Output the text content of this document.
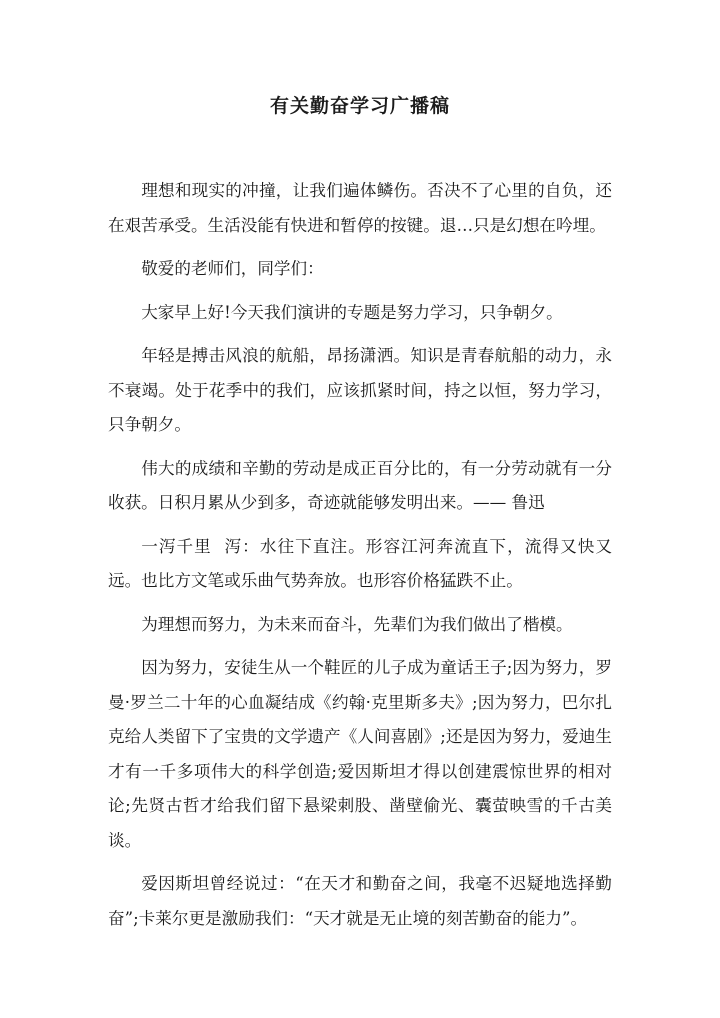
有关勤奋学习广播稿

理想和现实的冲撞，让我们遍体鳞伤。否决不了心里的自负，还在艰苦承受。生活没能有快进和暂停的按键。退…只是幻想在吟埋。

敬爱的老师们，同学们：

大家早上好!今天我们演讲的专题是努力学习，只争朝夕。

年轻是搏击风浪的航船，昂扬潇洒。知识是青春航船的动力，永不衰竭。处于花季中的我们，应该抓紧时间，持之以恒，努力学习，只争朝夕。

伟大的成绩和辛勤的劳动是成正百分比的，有一分劳动就有一分收获。日积月累从少到多，奇迹就能够发明出来。—— 鲁迅

一泻千里  泻：水往下直注。形容江河奔流直下，流得又快又远。也比方文笔或乐曲气势奔放。也形容价格猛跌不止。

为理想而努力，为未来而奋斗，先辈们为我们做出了楷模。

因为努力，安徒生从一个鞋匠的儿子成为童话王子;因为努力，罗曼·罗兰二十年的心血凝结成《约翰·克里斯多夫》;因为努力，巴尔扎克给人类留下了宝贵的文学遗产《人间喜剧》;还是因为努力，爱迪生才有一千多项伟大的科学创造;爱因斯坦才得以创建震惊世界的相对论;先贤古哲才给我们留下悬梁刺股、凿壁偷光、囊萤映雪的千古美谈。

爱因斯坦曾经说过：“在天才和勤奋之间，我毫不迟疑地选择勤奋”;卡莱尔更是激励我们：“天才就是无止境的刻苦勤奋的能力”。
